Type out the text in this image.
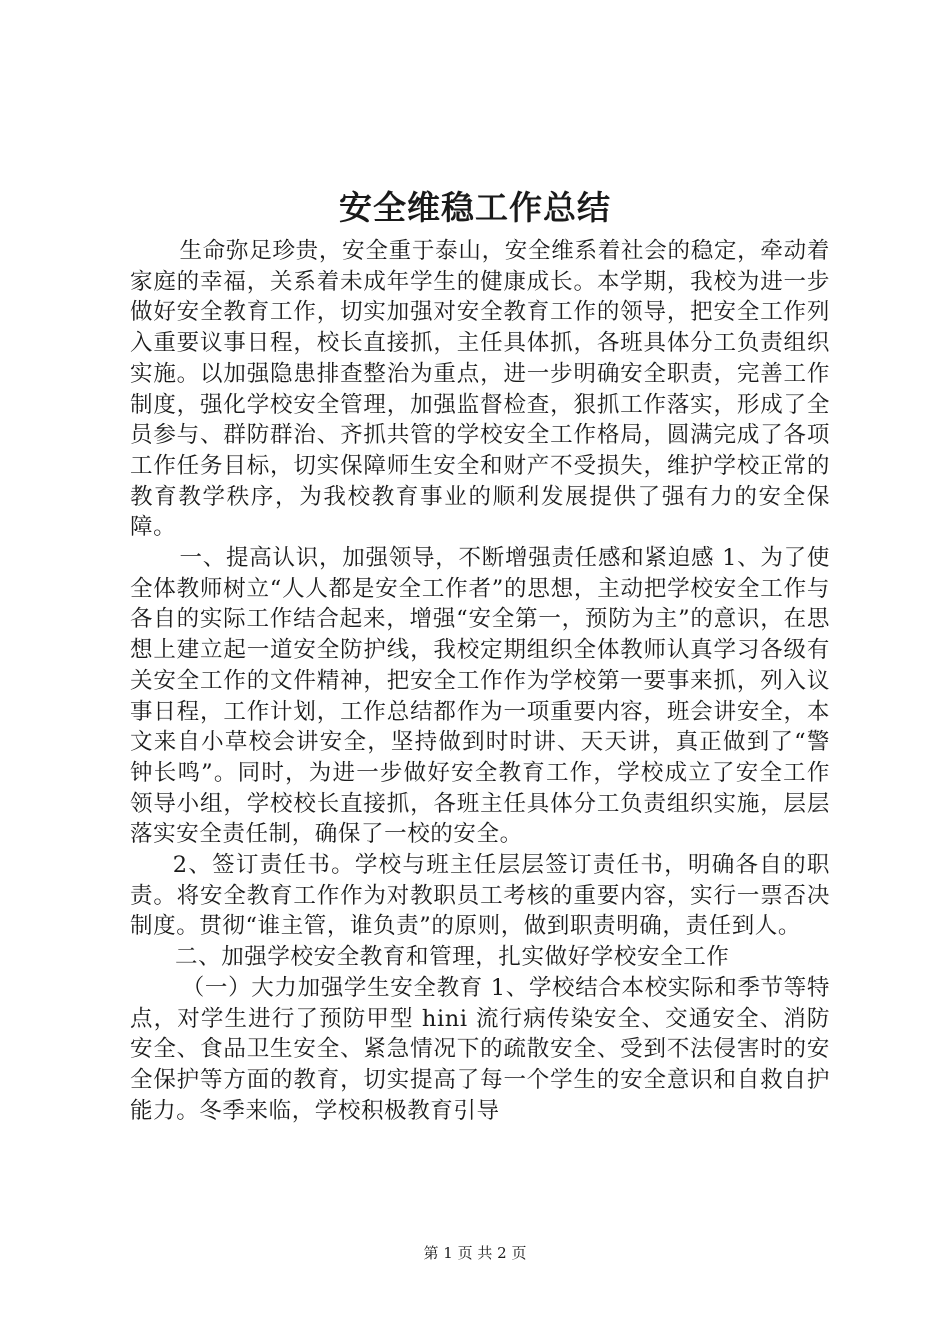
安全维稳工作总结

生命弥足珍贵，安全重于泰山，安全维系着社会的稳定，牵动着家庭的幸福，关系着未成年学生的健康成长。本学期，我校为进一步做好安全教育工作，切实加强对安全教育工作的领导，把安全工作列入重要议事日程，校长直接抓，主任具体抓，各班具体分工负责组织实施。以加强隐患排查整治为重点，进一步明确安全职责，完善工作制度，强化学校安全管理，加强监督检查，狠抓工作落实，形成了全员参与、群防群治、齐抓共管的学校安全工作格局，圆满完成了各项工作任务目标，切实保障师生安全和财产不受损失，维护学校正常的教育教学秩序，为我校教育事业的顺利发展提供了强有力的安全保障。

一、提高认识，加强领导，不断增强责任感和紧迫感 1、为了使全体教师树立“人人都是安全工作者”的思想，主动把学校安全工作与各自的实际工作结合起来，增强“安全第一，预防为主”的意识，在思想上建立起一道安全防护线，我校定期组织全体教师认真学习各级有关安全工作的文件精神，把安全工作作为学校第一要事来抓，列入议事日程，工作计划，工作总结都作为一项重要内容，班会讲安全，本文来自小草校会讲安全，坚持做到时时讲、天天讲，真正做到了“警钟长鸣”。同时，为进一步做好安全教育工作，学校成立了安全工作领导小组，学校校长直接抓，各班主任具体分工负责组织实施，层层落实安全责任制，确保了一校的安全。

2、签订责任书。学校与班主任层层签订责任书，明确各自的职责。将安全教育工作作为对教职员工考核的重要内容，实行一票否决制度。贯彻“谁主管，谁负责”的原则，做到职责明确，责任到人。

二、加强学校安全教育和管理，扎实做好学校安全工作

（一）大力加强学生安全教育 1、学校结合本校实际和季节等特点，对学生进行了预防甲型 hini 流行病传染安全、交通安全、消防安全、食品卫生安全、紧急情况下的疏散安全、受到不法侵害时的安全保护等方面的教育，切实提高了每一个学生的安全意识和自救自护能力。冬季来临，学校积极教育引导

第 1 页 共 2 页
